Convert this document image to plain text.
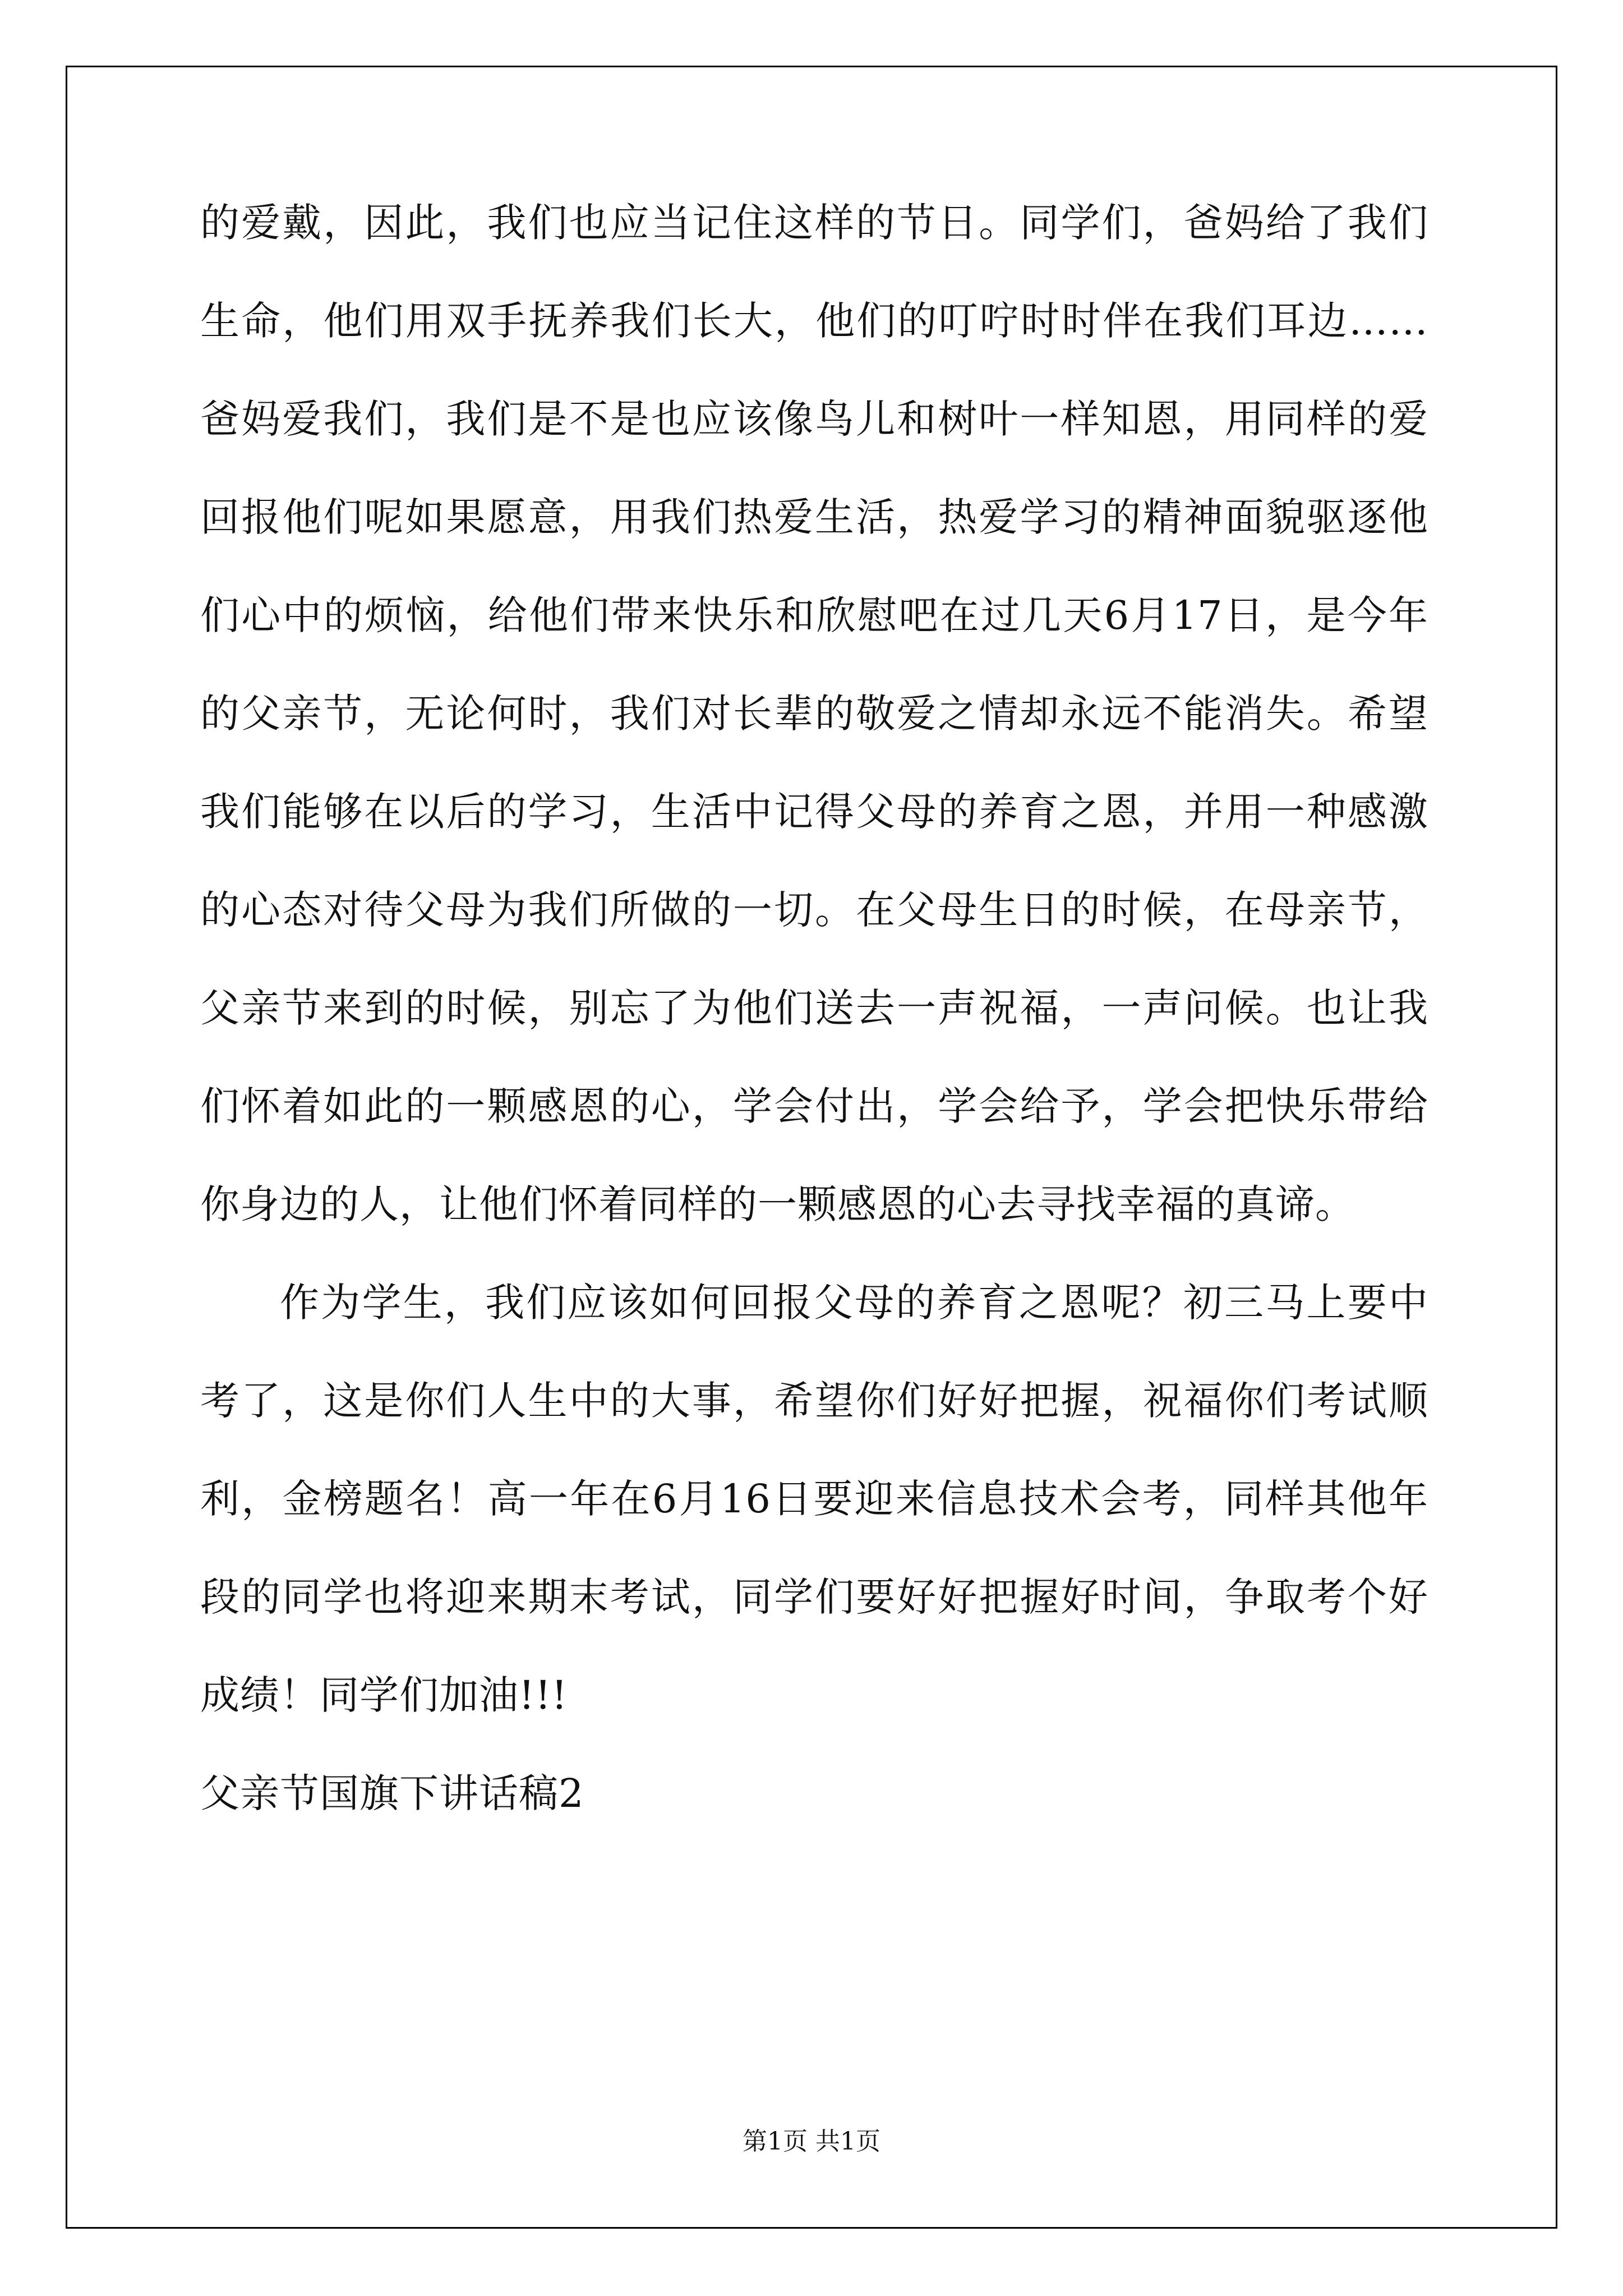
的爱戴，因此，我们也应当记住这样的节日。同学们，爸妈给了我们
生命，他们用双手抚养我们长大，他们的叮咛时时伴在我们耳边……
爸妈爱我们，我们是不是也应该像鸟儿和树叶一样知恩，用同样的爱
回报他们呢如果愿意，用我们热爱生活，热爱学习的精神面貌驱逐他
们心中的烦恼，给他们带来快乐和欣慰吧在过几天6月17日，是今年
的父亲节，无论何时，我们对长辈的敬爱之情却永远不能消失。希望
我们能够在以后的学习，生活中记得父母的养育之恩，并用一种感激
的心态对待父母为我们所做的一切。在父母生日的时候，在母亲节，
父亲节来到的时候，别忘了为他们送去一声祝福，一声问候。也让我
们怀着如此的一颗感恩的心，学会付出，学会给予，学会把快乐带给
你身边的人，让他们怀着同样的一颗感恩的心去寻找幸福的真谛。
作为学生，我们应该如何回报父母的养育之恩呢？初三马上要中
考了，这是你们人生中的大事，希望你们好好把握，祝福你们考试顺
利，金榜题名！高一年在6月16日要迎来信息技术会考，同样其他年
段的同学也将迎来期末考试，同学们要好好把握好时间，争取考个好
成绩！同学们加油!!!
父亲节国旗下讲话稿2
第1页 共1页
